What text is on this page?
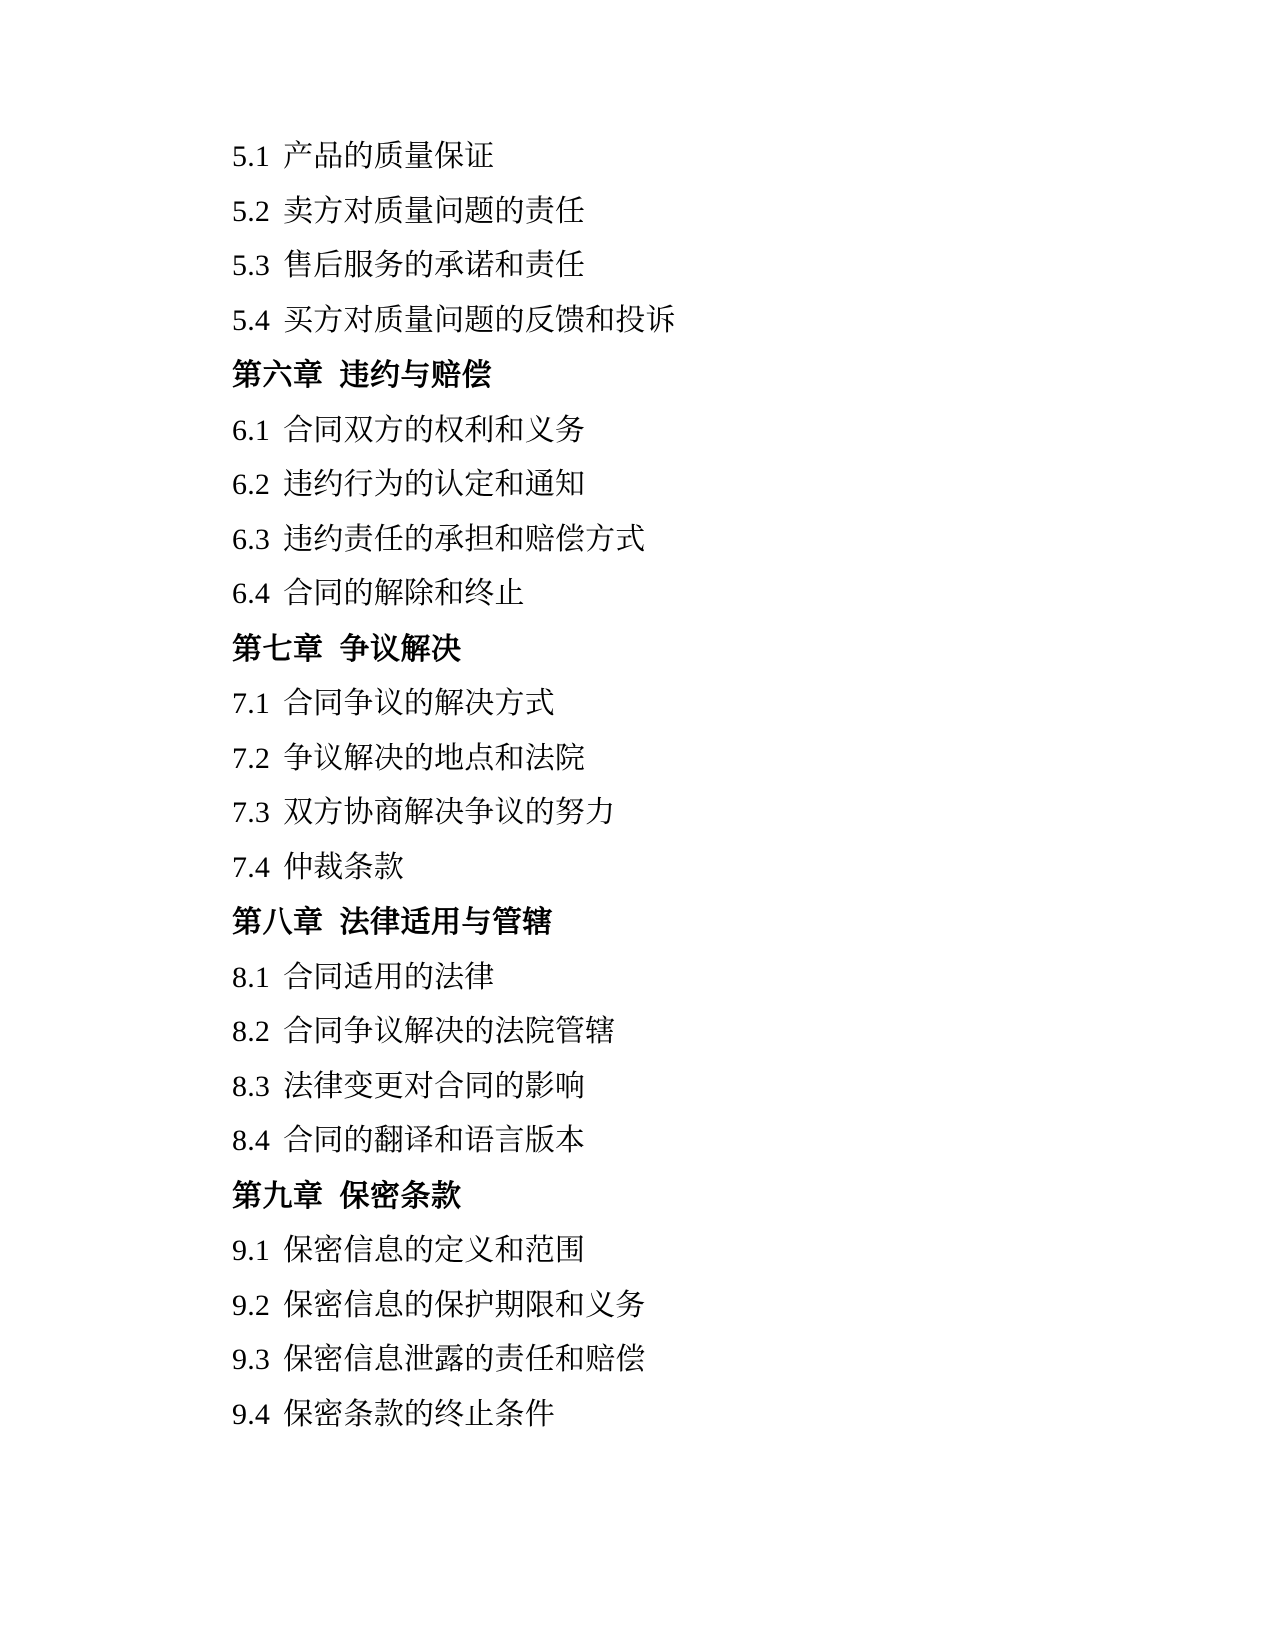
5.1 产品的质量保证
5.2 卖方对质量问题的责任
5.3 售后服务的承诺和责任
5.4 买方对质量问题的反馈和投诉
第六章 违约与赔偿
6.1 合同双方的权利和义务
6.2 违约行为的认定和通知
6.3 违约责任的承担和赔偿方式
6.4 合同的解除和终止
第七章 争议解决
7.1 合同争议的解决方式
7.2 争议解决的地点和法院
7.3 双方协商解决争议的努力
7.4 仲裁条款
第八章 法律适用与管辖
8.1 合同适用的法律
8.2 合同争议解决的法院管辖
8.3 法律变更对合同的影响
8.4 合同的翻译和语言版本
第九章 保密条款
9.1 保密信息的定义和范围
9.2 保密信息的保护期限和义务
9.3 保密信息泄露的责任和赔偿
9.4 保密条款的终止条件
